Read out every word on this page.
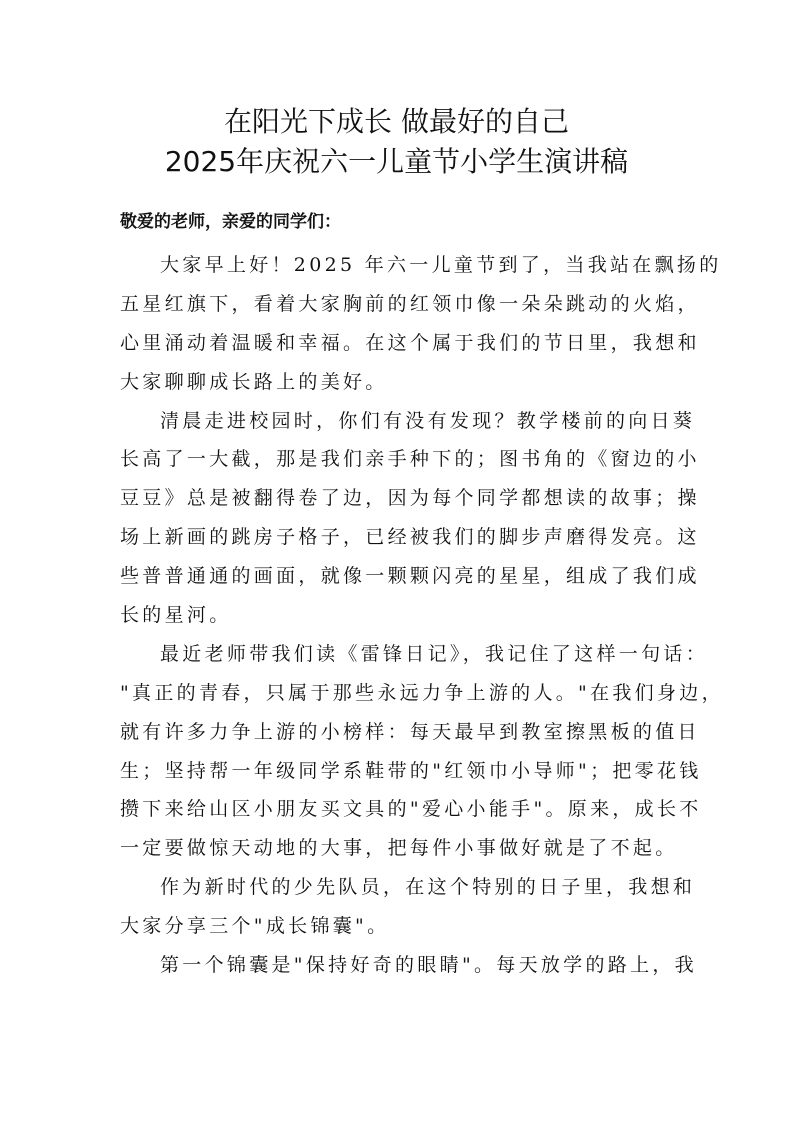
在阳光下成长 做最好的自己
2025年庆祝六一儿童节小学生演讲稿
敬爱的老师，亲爱的同学们：
大家早上好！2025 年六一儿童节到了，当我站在飘扬的
五星红旗下，看着大家胸前的红领巾像一朵朵跳动的火焰，
心里涌动着温暖和幸福。在这个属于我们的节日里，我想和
大家聊聊成长路上的美好。
清晨走进校园时，你们有没有发现？教学楼前的向日葵
长高了一大截，那是我们亲手种下的；图书角的《窗边的小
豆豆》总是被翻得卷了边，因为每个同学都想读的故事；操
场上新画的跳房子格子，已经被我们的脚步声磨得发亮。这
些普普通通的画面，就像一颗颗闪亮的星星，组成了我们成
长的星河。
最近老师带我们读《雷锋日记》，我记住了这样一句话：
"真正的青春，只属于那些永远力争上游的人。"在我们身边，
就有许多力争上游的小榜样：每天最早到教室擦黑板的值日
生；坚持帮一年级同学系鞋带的"红领巾小导师"；把零花钱
攒下来给山区小朋友买文具的"爱心小能手"。原来，成长不
一定要做惊天动地的大事，把每件小事做好就是了不起。
作为新时代的少先队员，在这个特别的日子里，我想和
大家分享三个"成长锦囊"。
第一个锦囊是"保持好奇的眼睛"。每天放学的路上，我
